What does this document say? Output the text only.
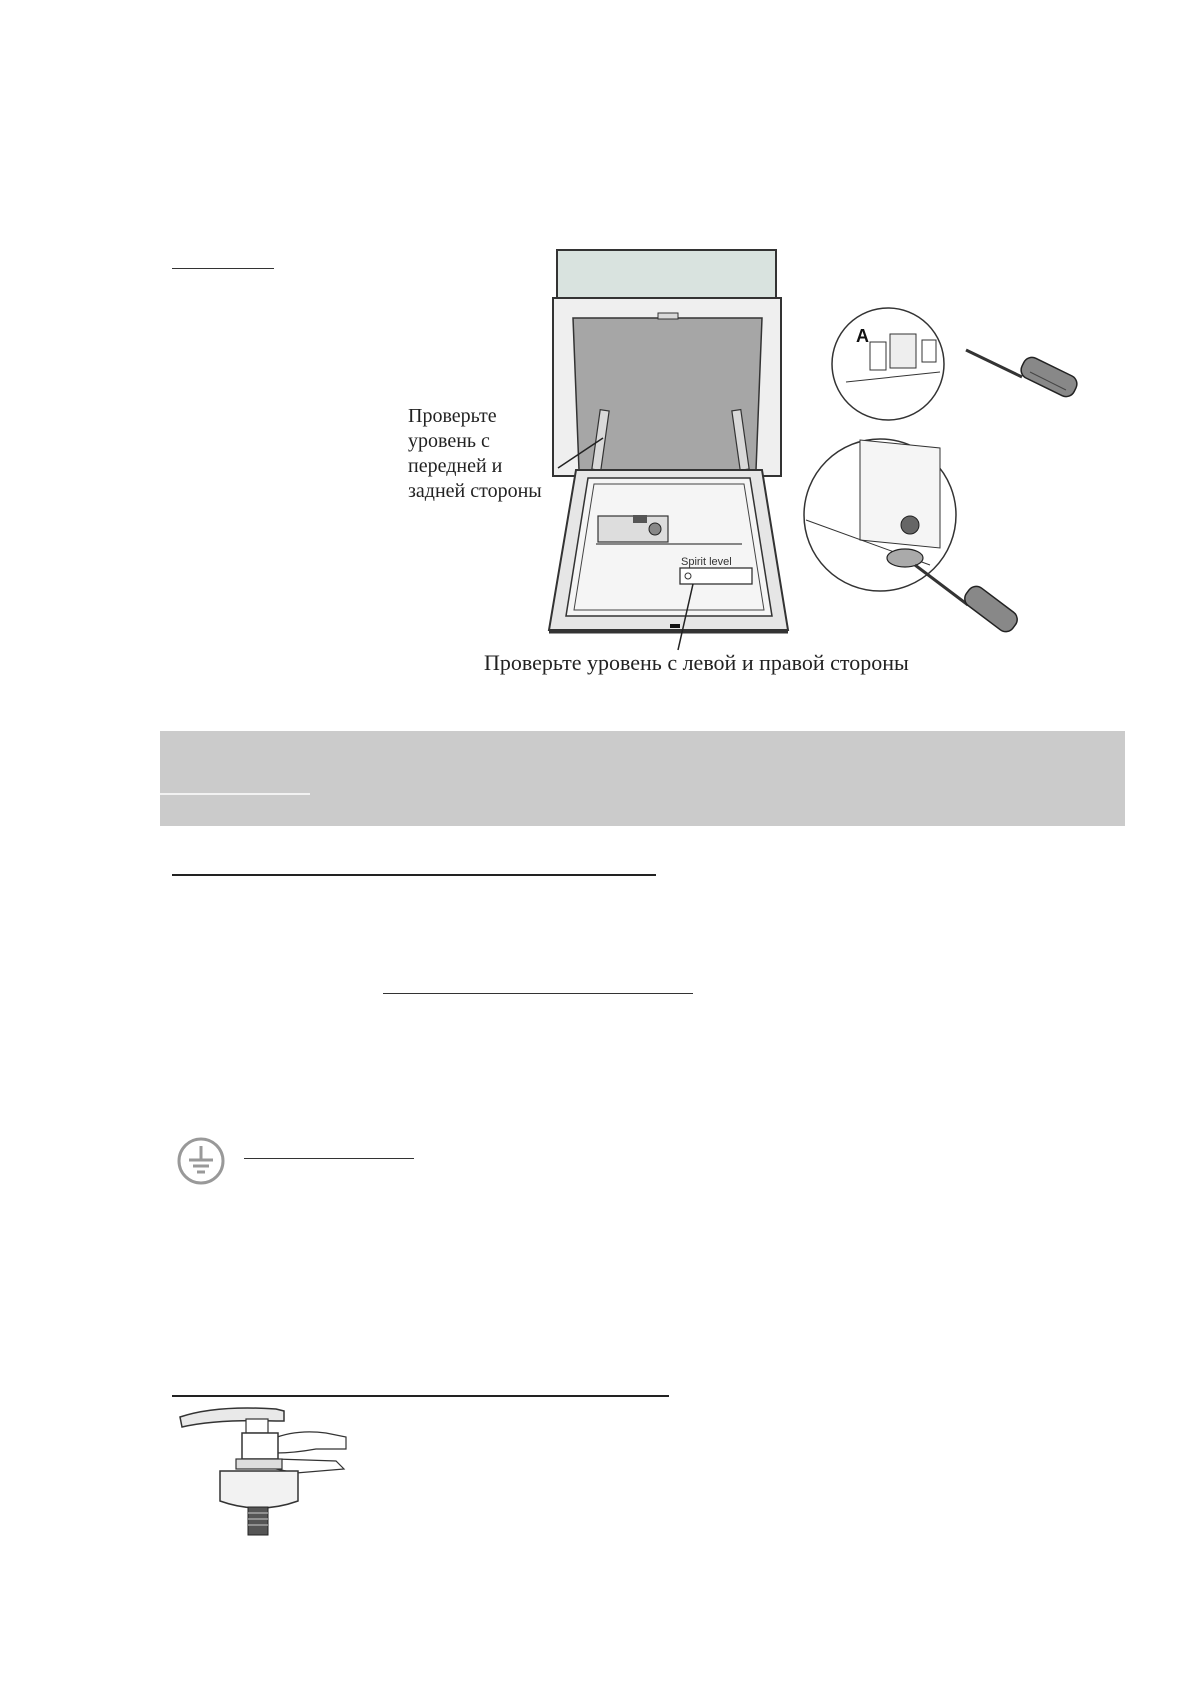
Spirit level
A
Проверьте уровень с передней и задней стороны
Проверьте уровень с левой и правой стороны
